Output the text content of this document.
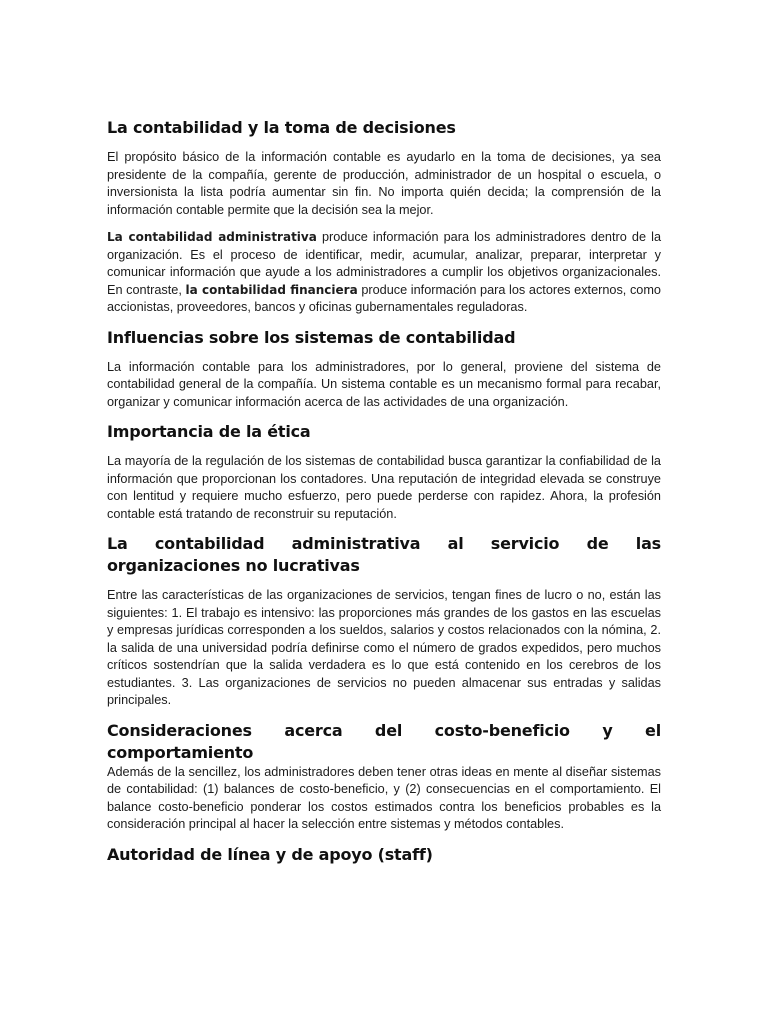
La contabilidad y la toma de decisiones

El propósito básico de la información contable es ayudarlo en la toma de decisiones, ya sea presidente de la compañía, gerente de producción, administrador de un hospital o escuela, o inversionista la lista podría aumentar sin fin. No importa quién decida; la comprensión de la información contable permite que la decisión sea la mejor.

La contabilidad administrativa produce información para los administradores dentro de la organización. Es el proceso de identificar, medir, acumular, analizar, preparar, interpretar y comunicar información que ayude a los administradores a cumplir los objetivos organizacionales. En contraste, la contabilidad financiera produce información para los actores externos, como accionistas, proveedores, bancos y oficinas gubernamentales reguladoras.

Influencias sobre los sistemas de contabilidad

La información contable para los administradores, por lo general, proviene del sistema de contabilidad general de la compañía. Un sistema contable es un mecanismo formal para recabar, organizar y comunicar información acerca de las actividades de una organización.

Importancia de la ética

La mayoría de la regulación de los sistemas de contabilidad busca garantizar la confiabilidad de la información que proporcionan los contadores. Una reputación de integridad elevada se construye con lentitud y requiere mucho esfuerzo, pero puede perderse con rapidez. Ahora, la profesión contable está tratando de reconstruir su reputación.

La contabilidad administrativa al servicio de las organizaciones no lucrativas

Entre las características de las organizaciones de servicios, tengan fines de lucro o no, están las siguientes: 1. El trabajo es intensivo: las proporciones más grandes de los gastos en las escuelas y empresas jurídicas corresponden a los sueldos, salarios y costos relacionados con la nómina, 2. la salida de una universidad podría definirse como el número de grados expedidos, pero muchos críticos sostendrían que la salida verdadera es lo que está contenido en los cerebros de los estudiantes. 3. Las organizaciones de servicios no pueden almacenar sus entradas y salidas principales.

Consideraciones acerca del costo-beneficio y el comportamiento

Además de la sencillez, los administradores deben tener otras ideas en mente al diseñar sistemas de contabilidad: (1) balances de costo-beneficio, y (2) consecuencias en el comportamiento. El balance costo-beneficio ponderar los costos estimados contra los beneficios probables es la consideración principal al hacer la selección entre sistemas y métodos contables.

Autoridad de línea y de apoyo (staff)
